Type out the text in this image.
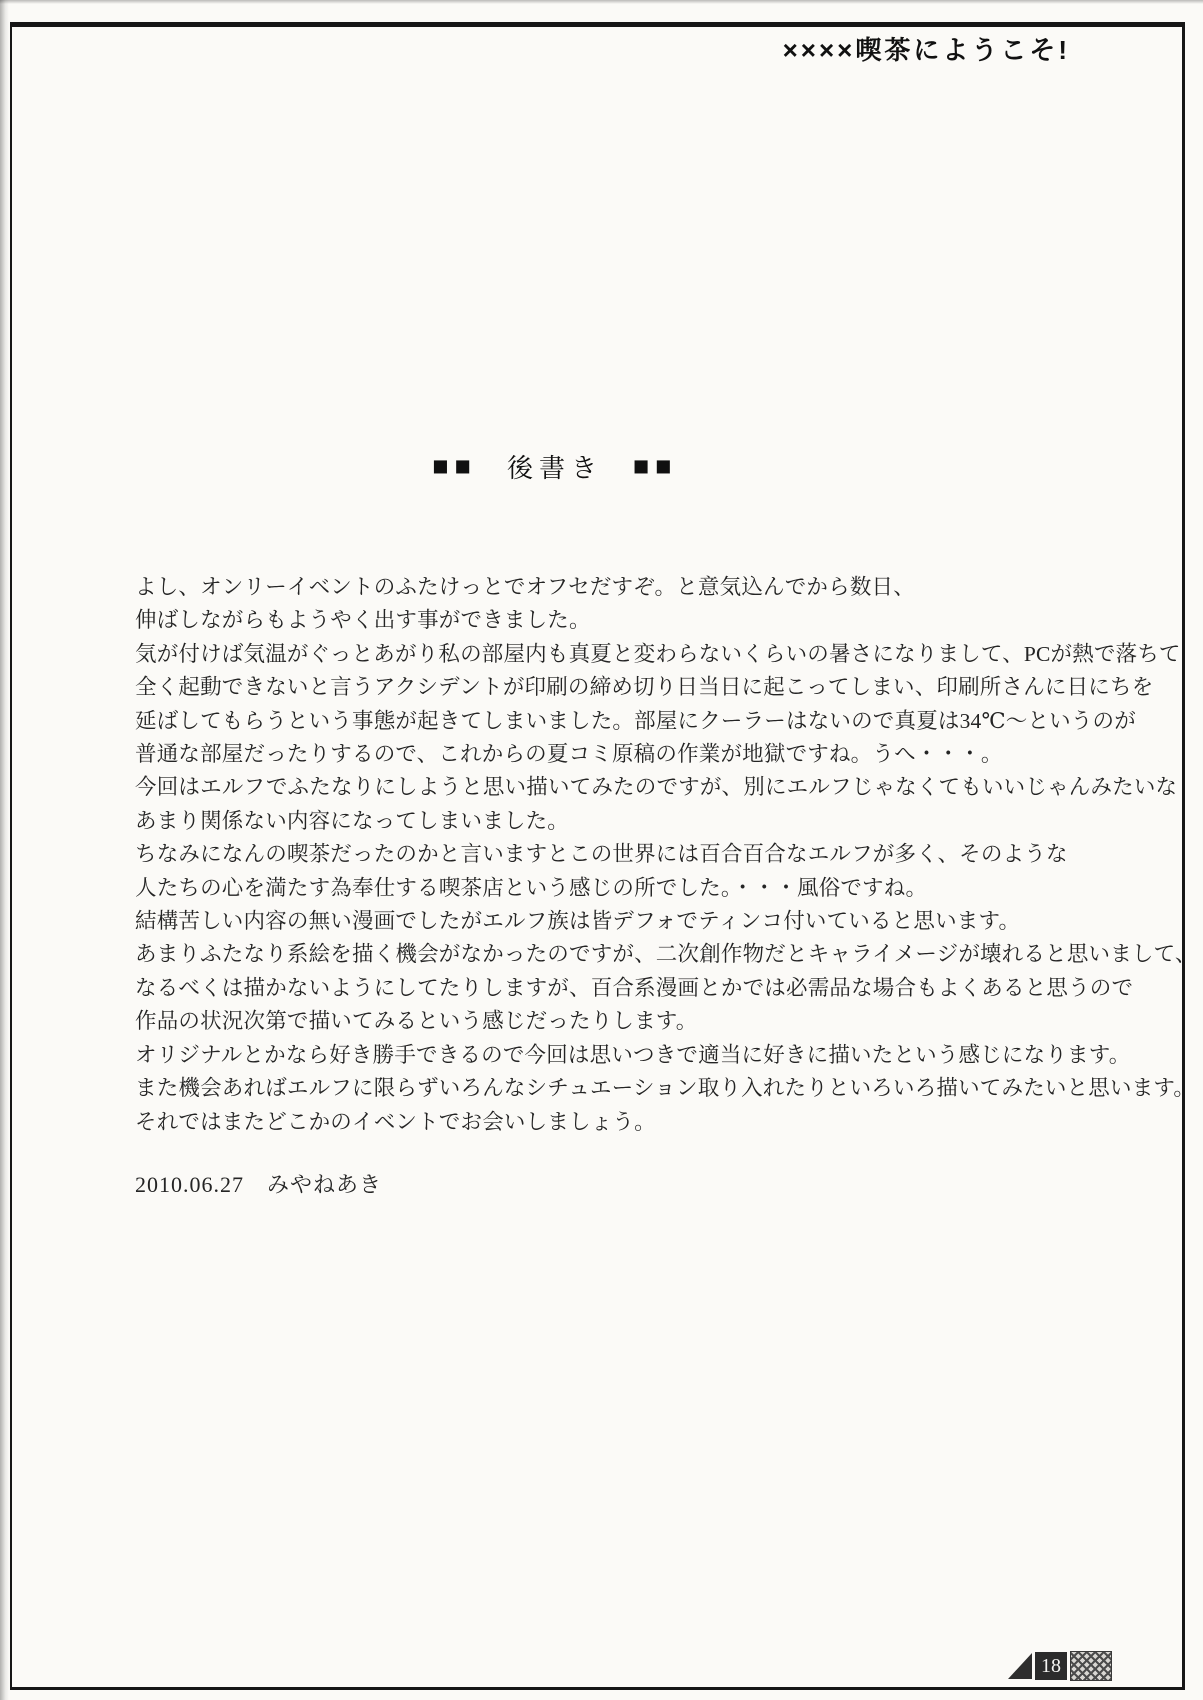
××××喫茶にようこそ!
■■ 後書き ■■
よし、オンリーイベントのふたけっとでオフセだすぞ。と意気込んでから数日、
伸ばしながらもようやく出す事ができました。
気が付けば気温がぐっとあがり私の部屋内も真夏と変わらないくらいの暑さになりまして、PCが熱で落ちて
全く起動できないと言うアクシデントが印刷の締め切り日当日に起こってしまい、印刷所さんに日にちを
延ばしてもらうという事態が起きてしまいました。部屋にクーラーはないので真夏は34℃～というのが
普通な部屋だったりするので、これからの夏コミ原稿の作業が地獄ですね。うへ・・・。
今回はエルフでふたなりにしようと思い描いてみたのですが、別にエルフじゃなくてもいいじゃんみたいな
あまり関係ない内容になってしまいました。
ちなみになんの喫茶だったのかと言いますとこの世界には百合百合なエルフが多く、そのような
人たちの心を満たす為奉仕する喫茶店という感じの所でした。・・・風俗ですね。
結構苦しい内容の無い漫画でしたがエルフ族は皆デフォでティンコ付いていると思います。
あまりふたなり系絵を描く機会がなかったのですが、二次創作物だとキャライメージが壊れると思いまして、
なるべくは描かないようにしてたりしますが、百合系漫画とかでは必需品な場合もよくあると思うので
作品の状況次第で描いてみるという感じだったりします。
オリジナルとかなら好き勝手できるので今回は思いつきで適当に好きに描いたという感じになります。
また機会あればエルフに限らずいろんなシチュエーション取り入れたりといろいろ描いてみたいと思います。
それではまたどこかのイベントでお会いしましょう。
2010.06.27　みやねあき
18
